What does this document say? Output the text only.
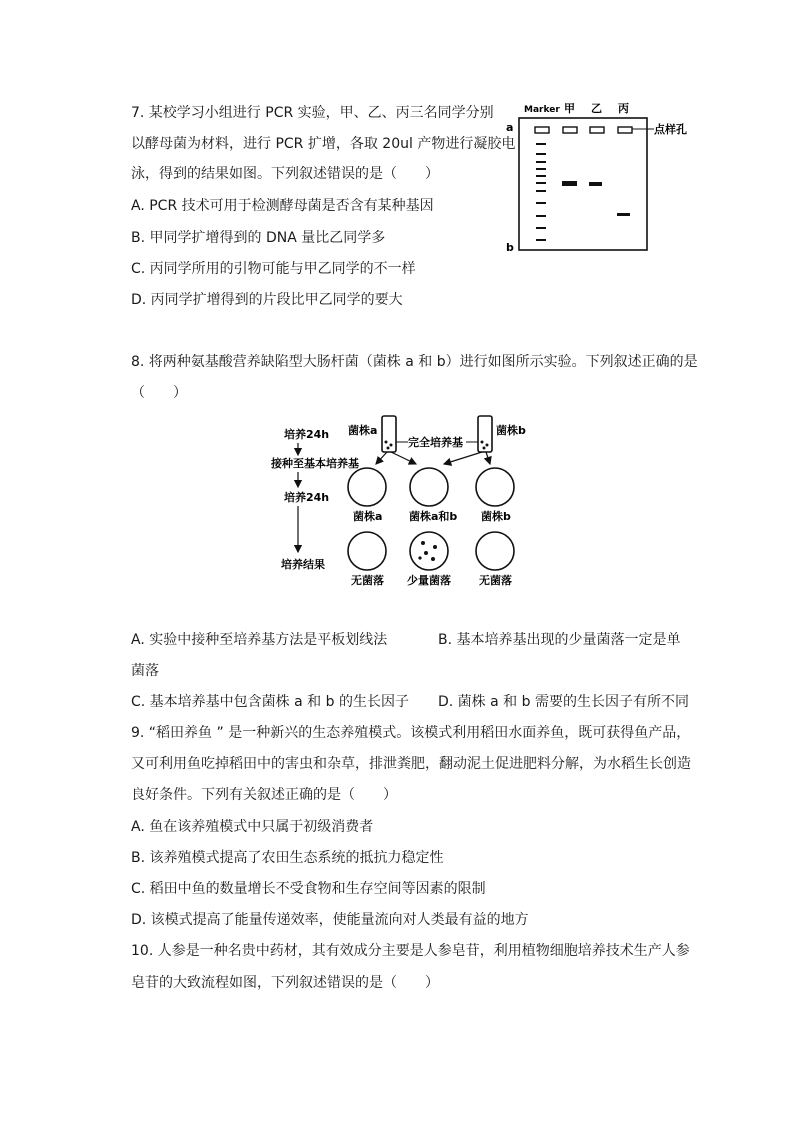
7. 某校学习小组进行 PCR 实验，甲、乙、丙三名同学分别
以酵母菌为材料，进行 PCR 扩增，各取 20ul 产物进行凝胶电
泳，得到的结果如图。下列叙述错误的是（　　）
A. PCR 技术可用于检测酵母菌是否含有某种基因
B. 甲同学扩增得到的 DNA 量比乙同学多
C. 丙同学所用的引物可能与甲乙同学的不一样
D. 丙同学扩增得到的片段比甲乙同学的要大
Marker 甲 乙 丙
a
b
点样孔
8. 将两种氨基酸营养缺陷型大肠杆菌（菌株 a 和 b）进行如图所示实验。下列叙述正确的是
（　　）
培养24h
接种至基本培养基
培养24h
培养结果
菌株a	菌株b
完全培养基
菌株a 菌株a和b 菌株b
无菌落 少量菌落	无菌落
A. 实验中接种至培养基方法是平板划线法	B. 基本培养基出现的少量菌落一定是单
菌落
C. 基本培养基中包含菌株 a 和 b 的生长因子 D. 菌株 a 和 b 需要的生长因子有所不同
9. “稻田养鱼 ” 是一种新兴的生态养殖模式。该模式利用稻田水面养鱼，既可获得鱼产品，
又可利用鱼吃掉稻田中的害虫和杂草，排泄粪肥，翻动泥土促进肥料分解，为水稻生长创造
良好条件。下列有关叙述正确的是（　　）
A. 鱼在该养殖模式中只属于初级消费者
B. 该养殖模式提高了农田生态系统的抵抗力稳定性
C. 稻田中鱼的数量增长不受食物和生存空间等因素的限制
D. 该模式提高了能量传递效率，使能量流向对人类最有益的地方
10. 人参是一种名贵中药材，其有效成分主要是人参皂苷，利用植物细胞培养技术生产人参
皂苷的大致流程如图，下列叙述错误的是（　　）
